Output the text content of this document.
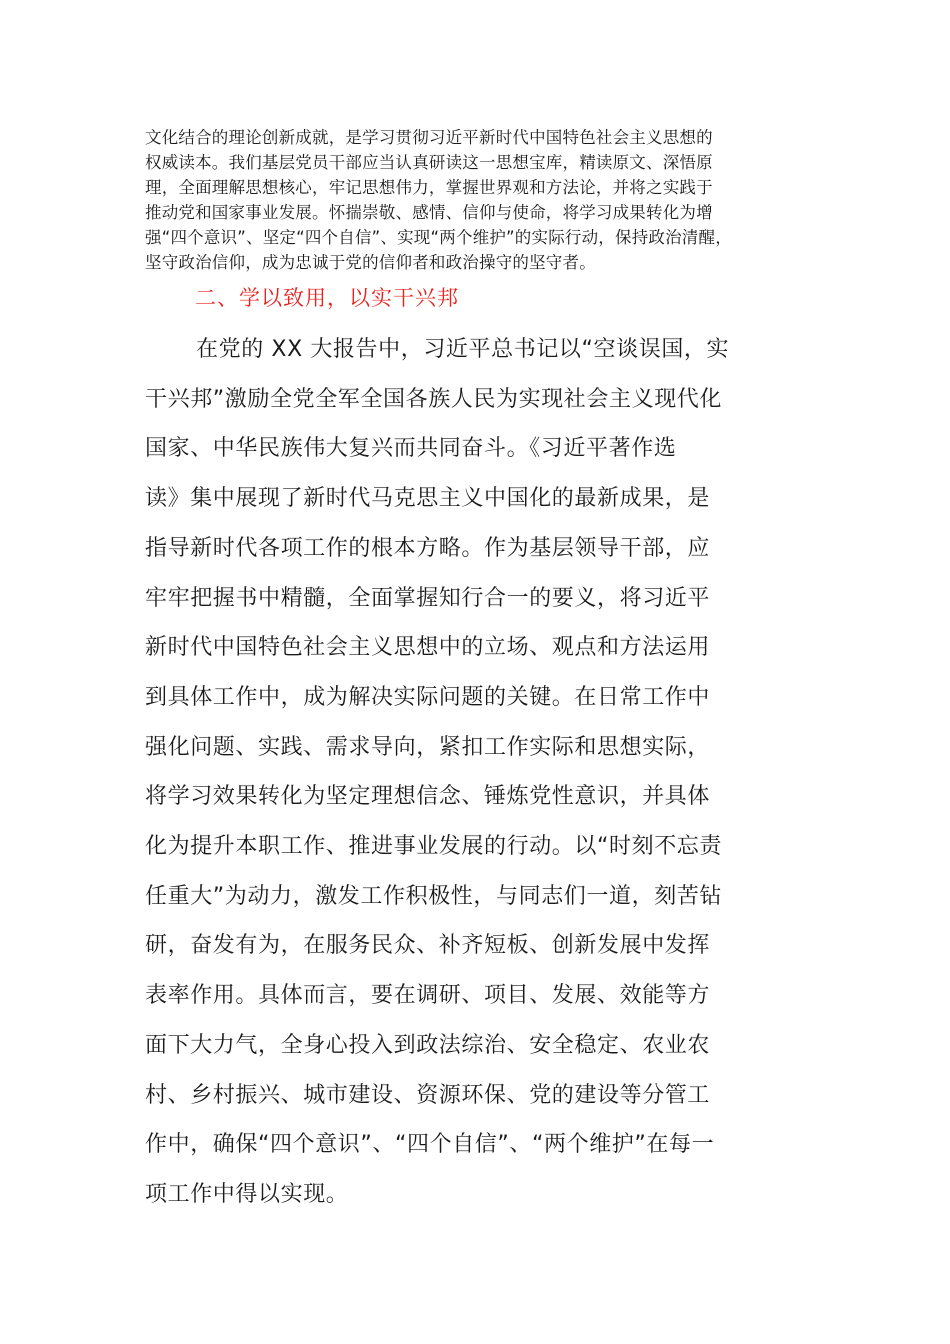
文化结合的理论创新成就，是学习贯彻习近平新时代中国特色社会主义思想的
权威读本。我们基层党员干部应当认真研读这一思想宝库，精读原文、深悟原
理，全面理解思想核心，牢记思想伟力，掌握世界观和方法论，并将之实践于
推动党和国家事业发展。怀揣崇敬、感情、信仰与使命，将学习成果转化为增
强“四个意识”、坚定“四个自信”、实现“两个维护”的实际行动，保持政治清醒，
坚守政治信仰，成为忠诚于党的信仰者和政治操守的坚守者。

二、学以致用，以实干兴邦

在党的 XX 大报告中，习近平总书记以“空谈误国，实
干兴邦”激励全党全军全国各族人民为实现社会主义现代化
国家、中华民族伟大复兴而共同奋斗。《习近平著作选
读》集中展现了新时代马克思主义中国化的最新成果，是
指导新时代各项工作的根本方略。作为基层领导干部，应
牢牢把握书中精髓，全面掌握知行合一的要义，将习近平
新时代中国特色社会主义思想中的立场、观点和方法运用
到具体工作中，成为解决实际问题的关键。在日常工作中
强化问题、实践、需求导向，紧扣工作实际和思想实际，
将学习效果转化为坚定理想信念、锤炼党性意识，并具体
化为提升本职工作、推进事业发展的行动。以“时刻不忘责
任重大”为动力，激发工作积极性，与同志们一道，刻苦钻
研，奋发有为，在服务民众、补齐短板、创新发展中发挥
表率作用。具体而言，要在调研、项目、发展、效能等方
面下大力气，全身心投入到政法综治、安全稳定、农业农
村、乡村振兴、城市建设、资源环保、党的建设等分管工
作中，确保“四个意识”、“四个自信”、“两个维护”在每一
项工作中得以实现。
